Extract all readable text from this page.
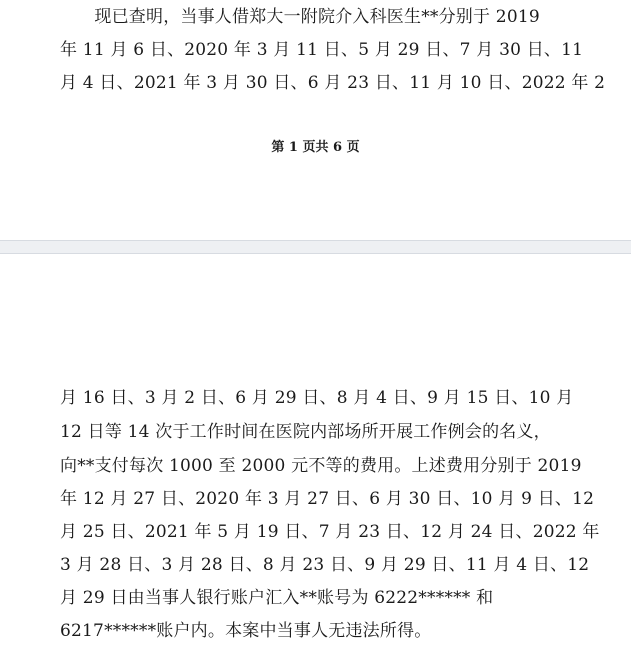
　　现已查明，当事人借郑大一附院介入科医生**分别于 2019
年 11 月 6 日、2020 年 3 月 11 日、5 月 29 日、7 月 30 日、11
月 4 日、2021 年 3 月 30 日、6 月 23 日、11 月 10 日、2022 年 2
第 1 页共 6 页
月 16 日、3 月 2 日、6 月 29 日、8 月 4 日、9 月 15 日、10 月
12 日等 14 次于工作时间在医院内部场所开展工作例会的名义，
向**支付每次 1000 至 2000 元不等的费用。上述费用分别于 2019
年 12 月 27 日、2020 年 3 月 27 日、6 月 30 日、10 月 9 日、12
月 25 日、2021 年 5 月 19 日、7 月 23 日、12 月 24 日、2022 年
3 月 28 日、3 月 28 日、8 月 23 日、9 月 29 日、11 月 4 日、12
月 29 日由当事人银行账户汇入**账号为 6222****** 和
6217******账户内。本案中当事人无违法所得。
